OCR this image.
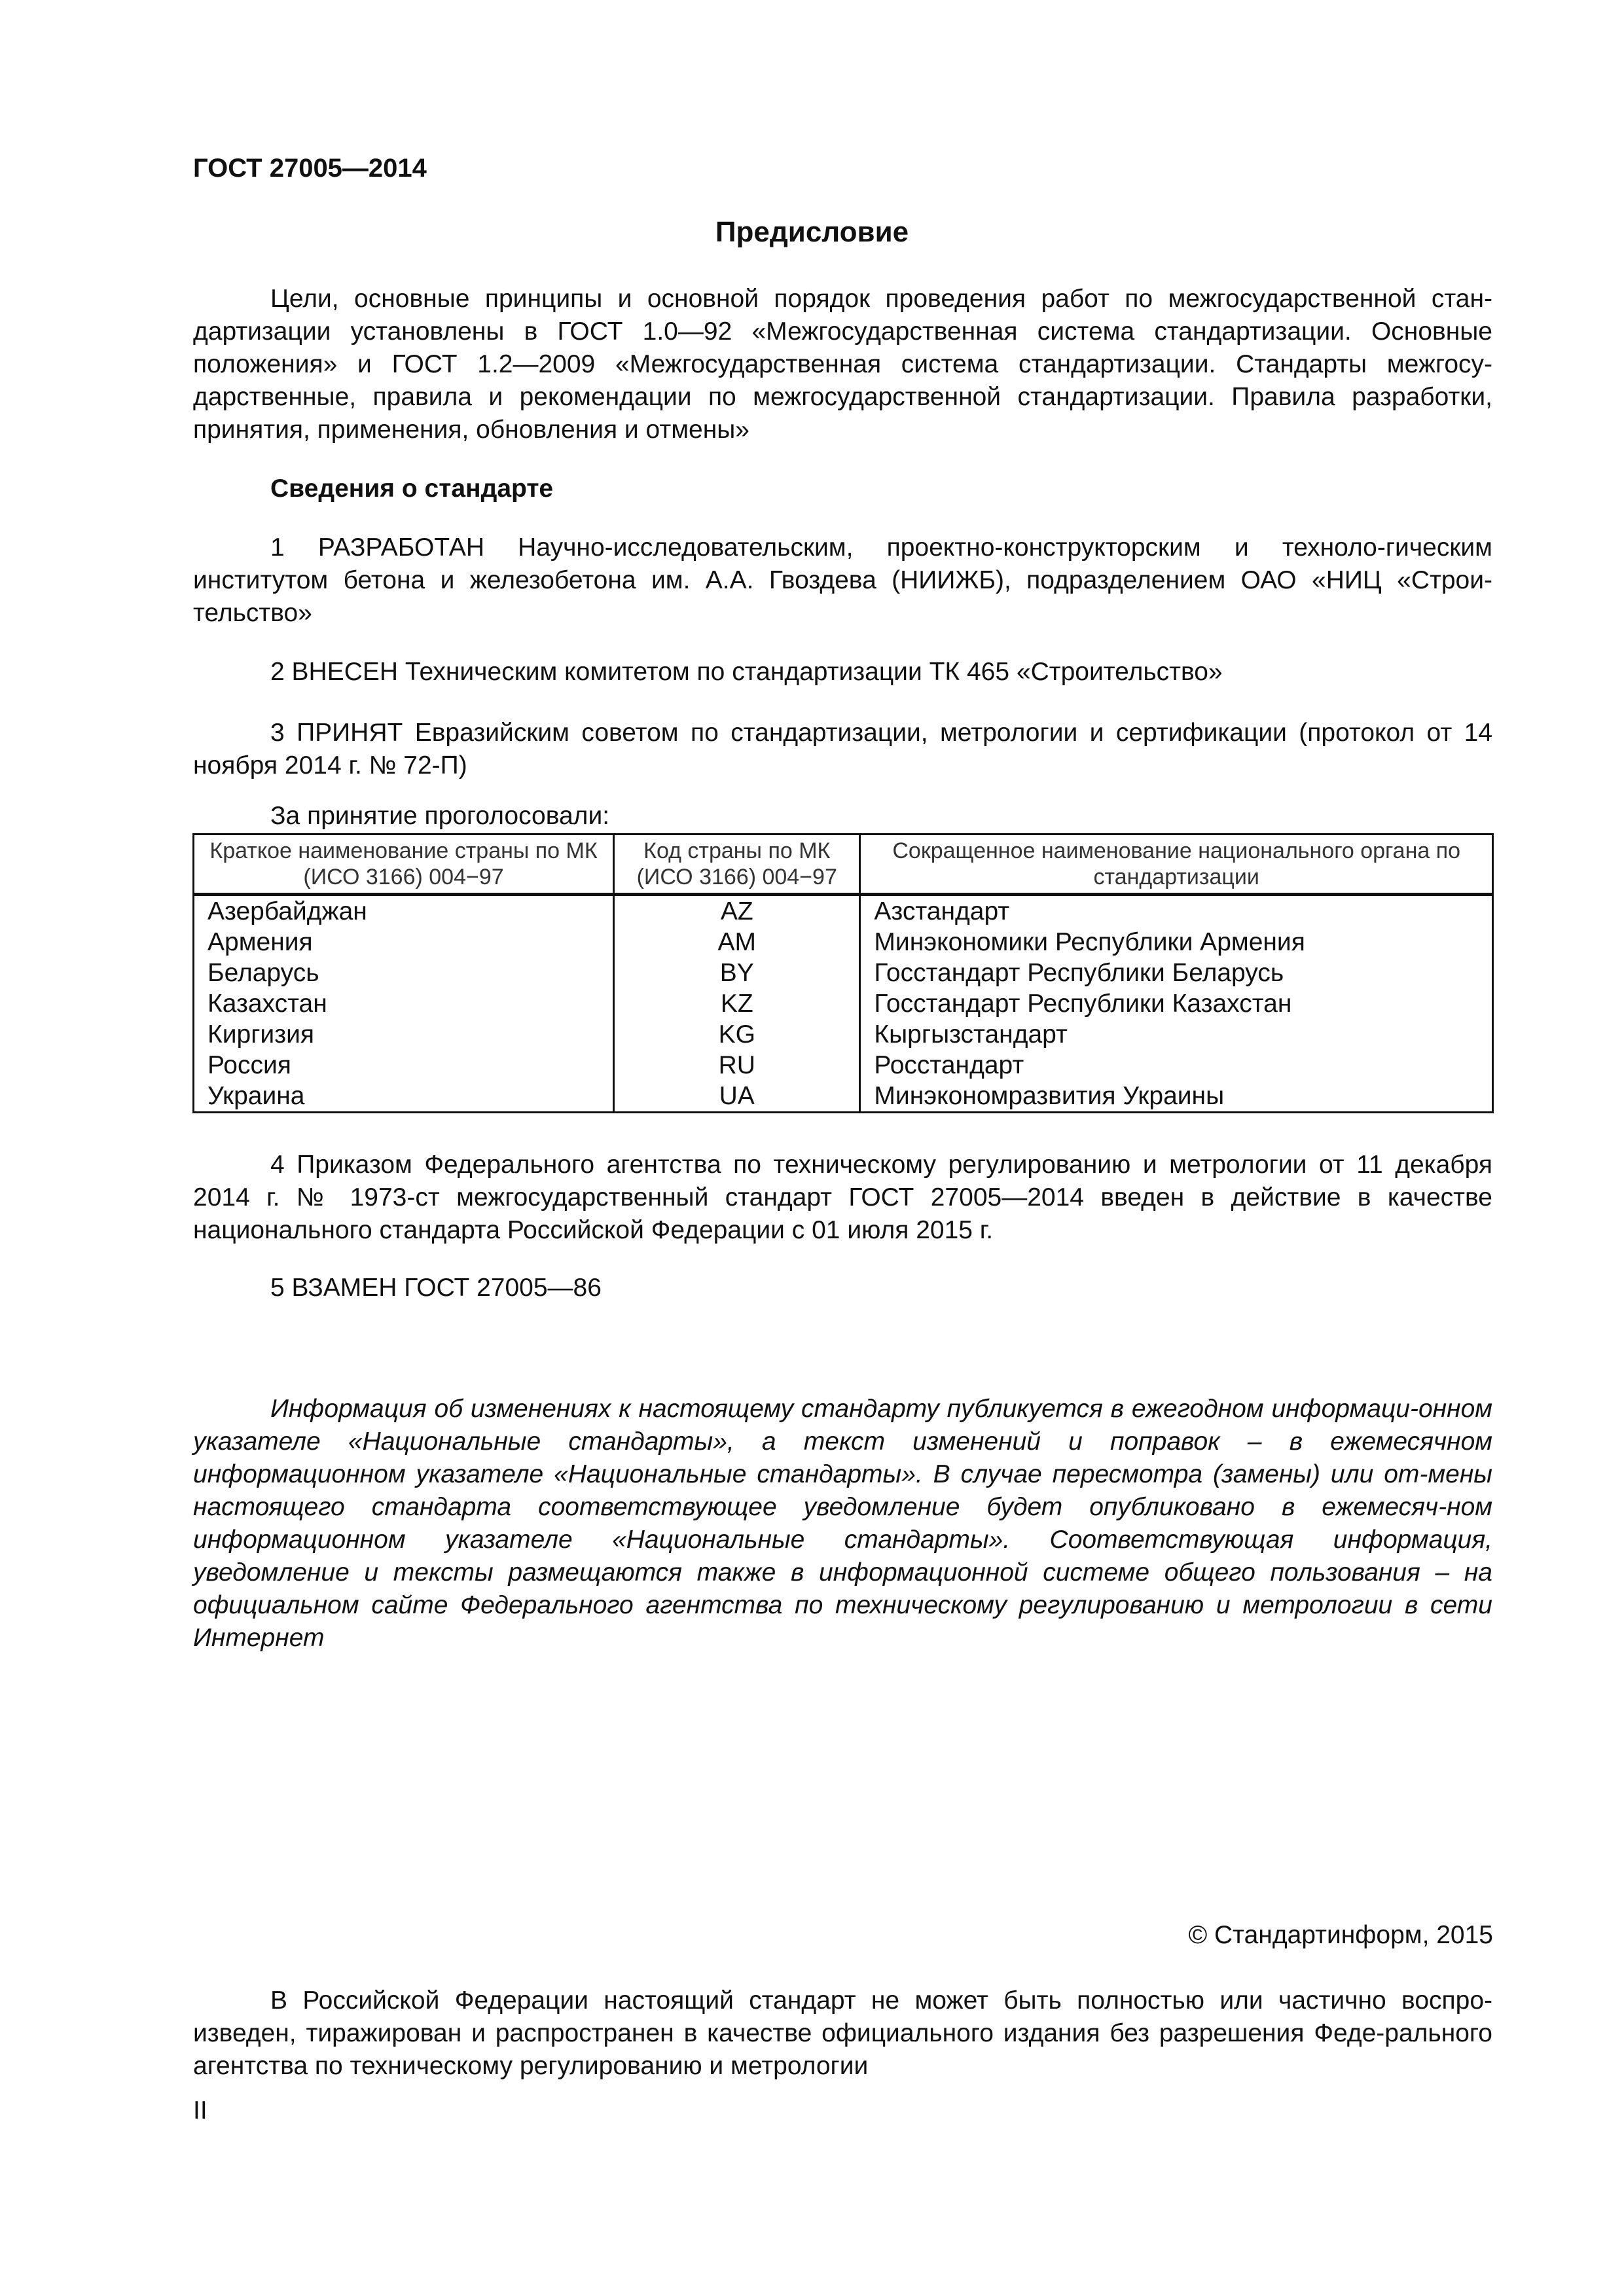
ГОСТ 27005—2014
Предисловие
Цели, основные принципы и основной порядок проведения работ по межгосударственной стан-дартизации установлены в ГОСТ 1.0—92 «Межгосударственная система стандартизации. Основные положения» и ГОСТ 1.2—2009 «Межгосударственная система стандартизации. Стандарты межгосу-дарственные, правила и рекомендации по межгосударственной стандартизации. Правила разработки, принятия, применения, обновления и отмены»
Сведения о стандарте
1 РАЗРАБОТАН Научно-исследовательским, проектно-конструкторским и техноло-гическим институтом бетона и железобетона им. А.А. Гвоздева (НИИЖБ), подразделением ОАО «НИЦ «Строи-тельство»
2 ВНЕСЕН Техническим комитетом по стандартизации ТК 465 «Строительство»
3 ПРИНЯТ Евразийским советом по стандартизации, метрологии и сертификации (протокол от 14 ноября 2014 г. № 72-П)
За принятие проголосовали:
Краткое наименование страны по МК (ИСО 3166) 004−97	Код страны по МК (ИСО 3166) 004−97	Сокращенное наименование национального органа по стандартизации
Азербайджан	AZ	Азстандарт
Армения	AM	Минэкономики Республики Армения
Беларусь	BY	Госстандарт Республики Беларусь
Казахстан	KZ	Госстандарт Республики Казахстан
Киргизия	KG	Кыргызстандарт
Россия	RU	Росстандарт
Украина	UA	Минэкономразвития Украины
4 Приказом Федерального агентства по техническому регулированию и метрологии от 11 декабря 2014 г. № 1973-ст межгосударственный стандарт ГОСТ 27005—2014 введен в действие в качестве национального стандарта Российской Федерации с 01 июля 2015 г.
5 ВЗАМЕН ГОСТ 27005—86
Информация об изменениях к настоящему стандарту публикуется в ежегодном информаци-онном указателе «Национальные стандарты», а текст изменений и поправок – в ежемесячном информационном указателе «Национальные стандарты». В случае пересмотра (замены) или от-мены настоящего стандарта соответствующее уведомление будет опубликовано в ежемесяч-ном информационном указателе «Национальные стандарты». Соответствующая информация, уведомление и тексты размещаются также в информационной системе общего пользования – на официальном сайте Федерального агентства по техническому регулированию и метрологии в сети Интернет
© Стандартинформ, 2015
В Российской Федерации настоящий стандарт не может быть полностью или частично воспро-изведен, тиражирован и распространен в качестве официального издания без разрешения Феде-рального агентства по техническому регулированию и метрологии
II
